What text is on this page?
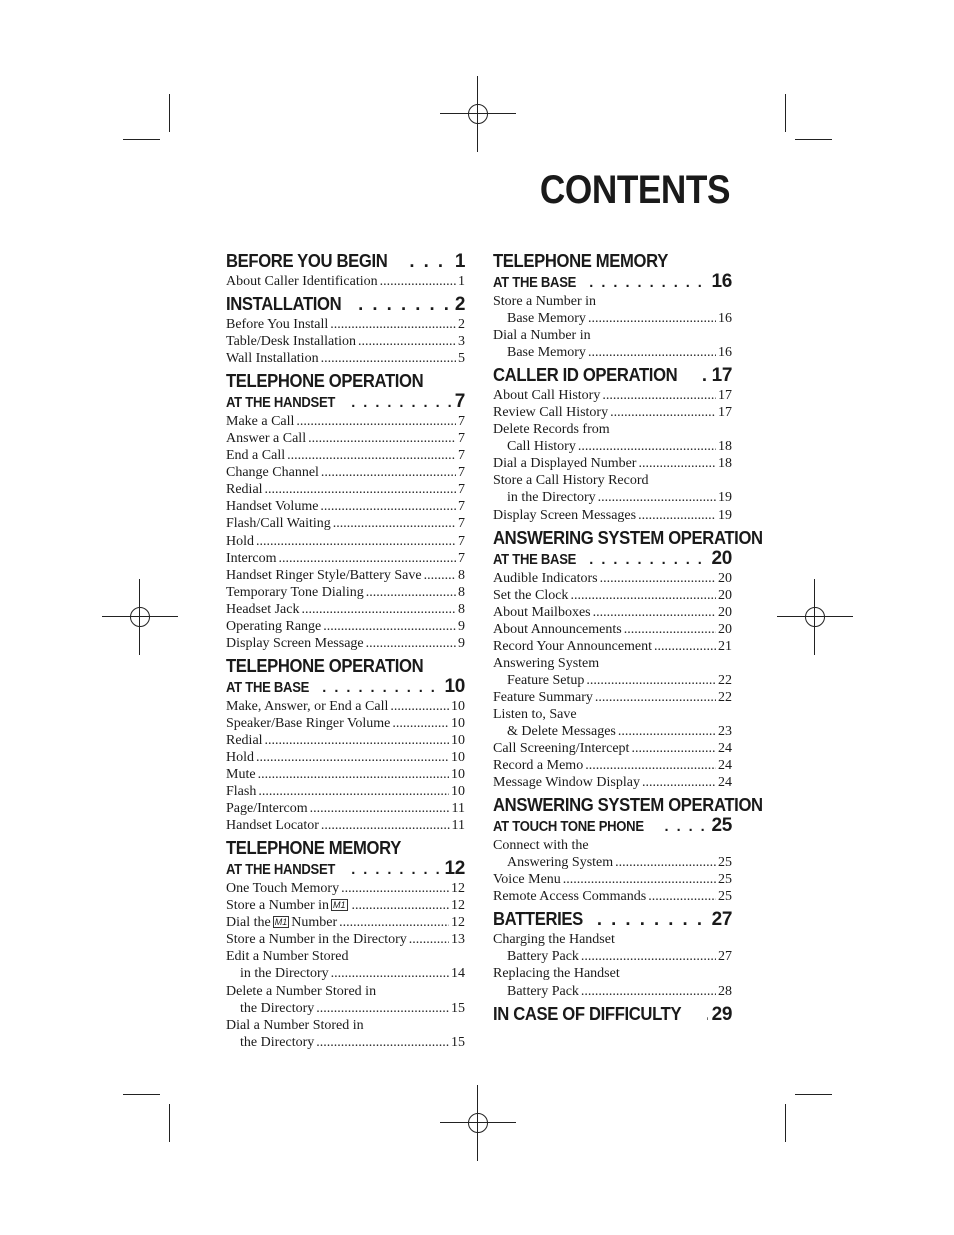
CONTENTS
BEFORE YOU BEGIN . . .	1
About Caller Identification .....	1
INSTALLATION . . .	2
Before You Install .....	2
Table/Desk Installation .....	3
Wall Installation .....	5
TELEPHONE OPERATION
AT THE HANDSET . . .	7
Make a Call .....	7
Answer a Call .....	7
End a Call .....	7
Change Channel .....	7
Redial .....	7
Handset Volume .....	7
Flash/Call Waiting .....	7
Hold .....	7
Intercom .....	7
Handset Ringer Style/Battery Save .....	8
Temporary Tone Dialing .....	8
Headset Jack .....	8
Operating Range .....	9
Display Screen Message .....	9
TELEPHONE OPERATION
AT THE BASE . . .	10
Make, Answer, or End a Call .....	10
Speaker/Base Ringer Volume .....	10
Redial .....	10
Hold .....	10
Mute .....	10
Flash .....	10
Page/Intercom .....	11
Handset Locator .....	11
TELEPHONE MEMORY
AT THE HANDSET . . .	12
One Touch Memory .....	12
Store a Number in M1 .....	12
Dial the M1 Number .....	12
Store a Number in the Directory .....	13
Edit a Number Stored
in the Directory .....	14
Delete a Number Stored in
the Directory .....	15
Dial a Number Stored in
the Directory .....	15
TELEPHONE MEMORY
AT THE BASE . . .	16
Store a Number in
Base Memory .....	16
Dial a Number in
Base Memory .....	16
CALLER ID OPERATION . . . 17
About Call History .....	17
Review Call History .....	17
Delete Records from
Call History .....	18
Dial a Displayed Number .....	18
Store a Call History Record
in the Directory .....	19
Display Screen Messages .....	19
ANSWERING SYSTEM OPERATION
AT THE BASE . . .	20
Audible Indicators .....	20
Set the Clock .....	20
About Mailboxes .....	20
About Announcements .....	20
Record Your Announcement .....	21
Answering System
Feature Setup .....	22
Feature Summary .....	22
Listen to, Save
& Delete Messages .....	23
Call Screening/Intercept .....	24
Record a Memo .....	24
Message Window Display .....	24
ANSWERING SYSTEM OPERATION
AT TOUCH TONE PHONE . . .	25
Connect with the
Answering System .....	25
Voice Menu .....	25
Remote Access Commands .....	25
BATTERIES . . .	27
Charging the Handset
Battery Pack .....	27
Replacing the Handset
Battery Pack .....	28
IN CASE OF DIFFICULTY . . . 29
